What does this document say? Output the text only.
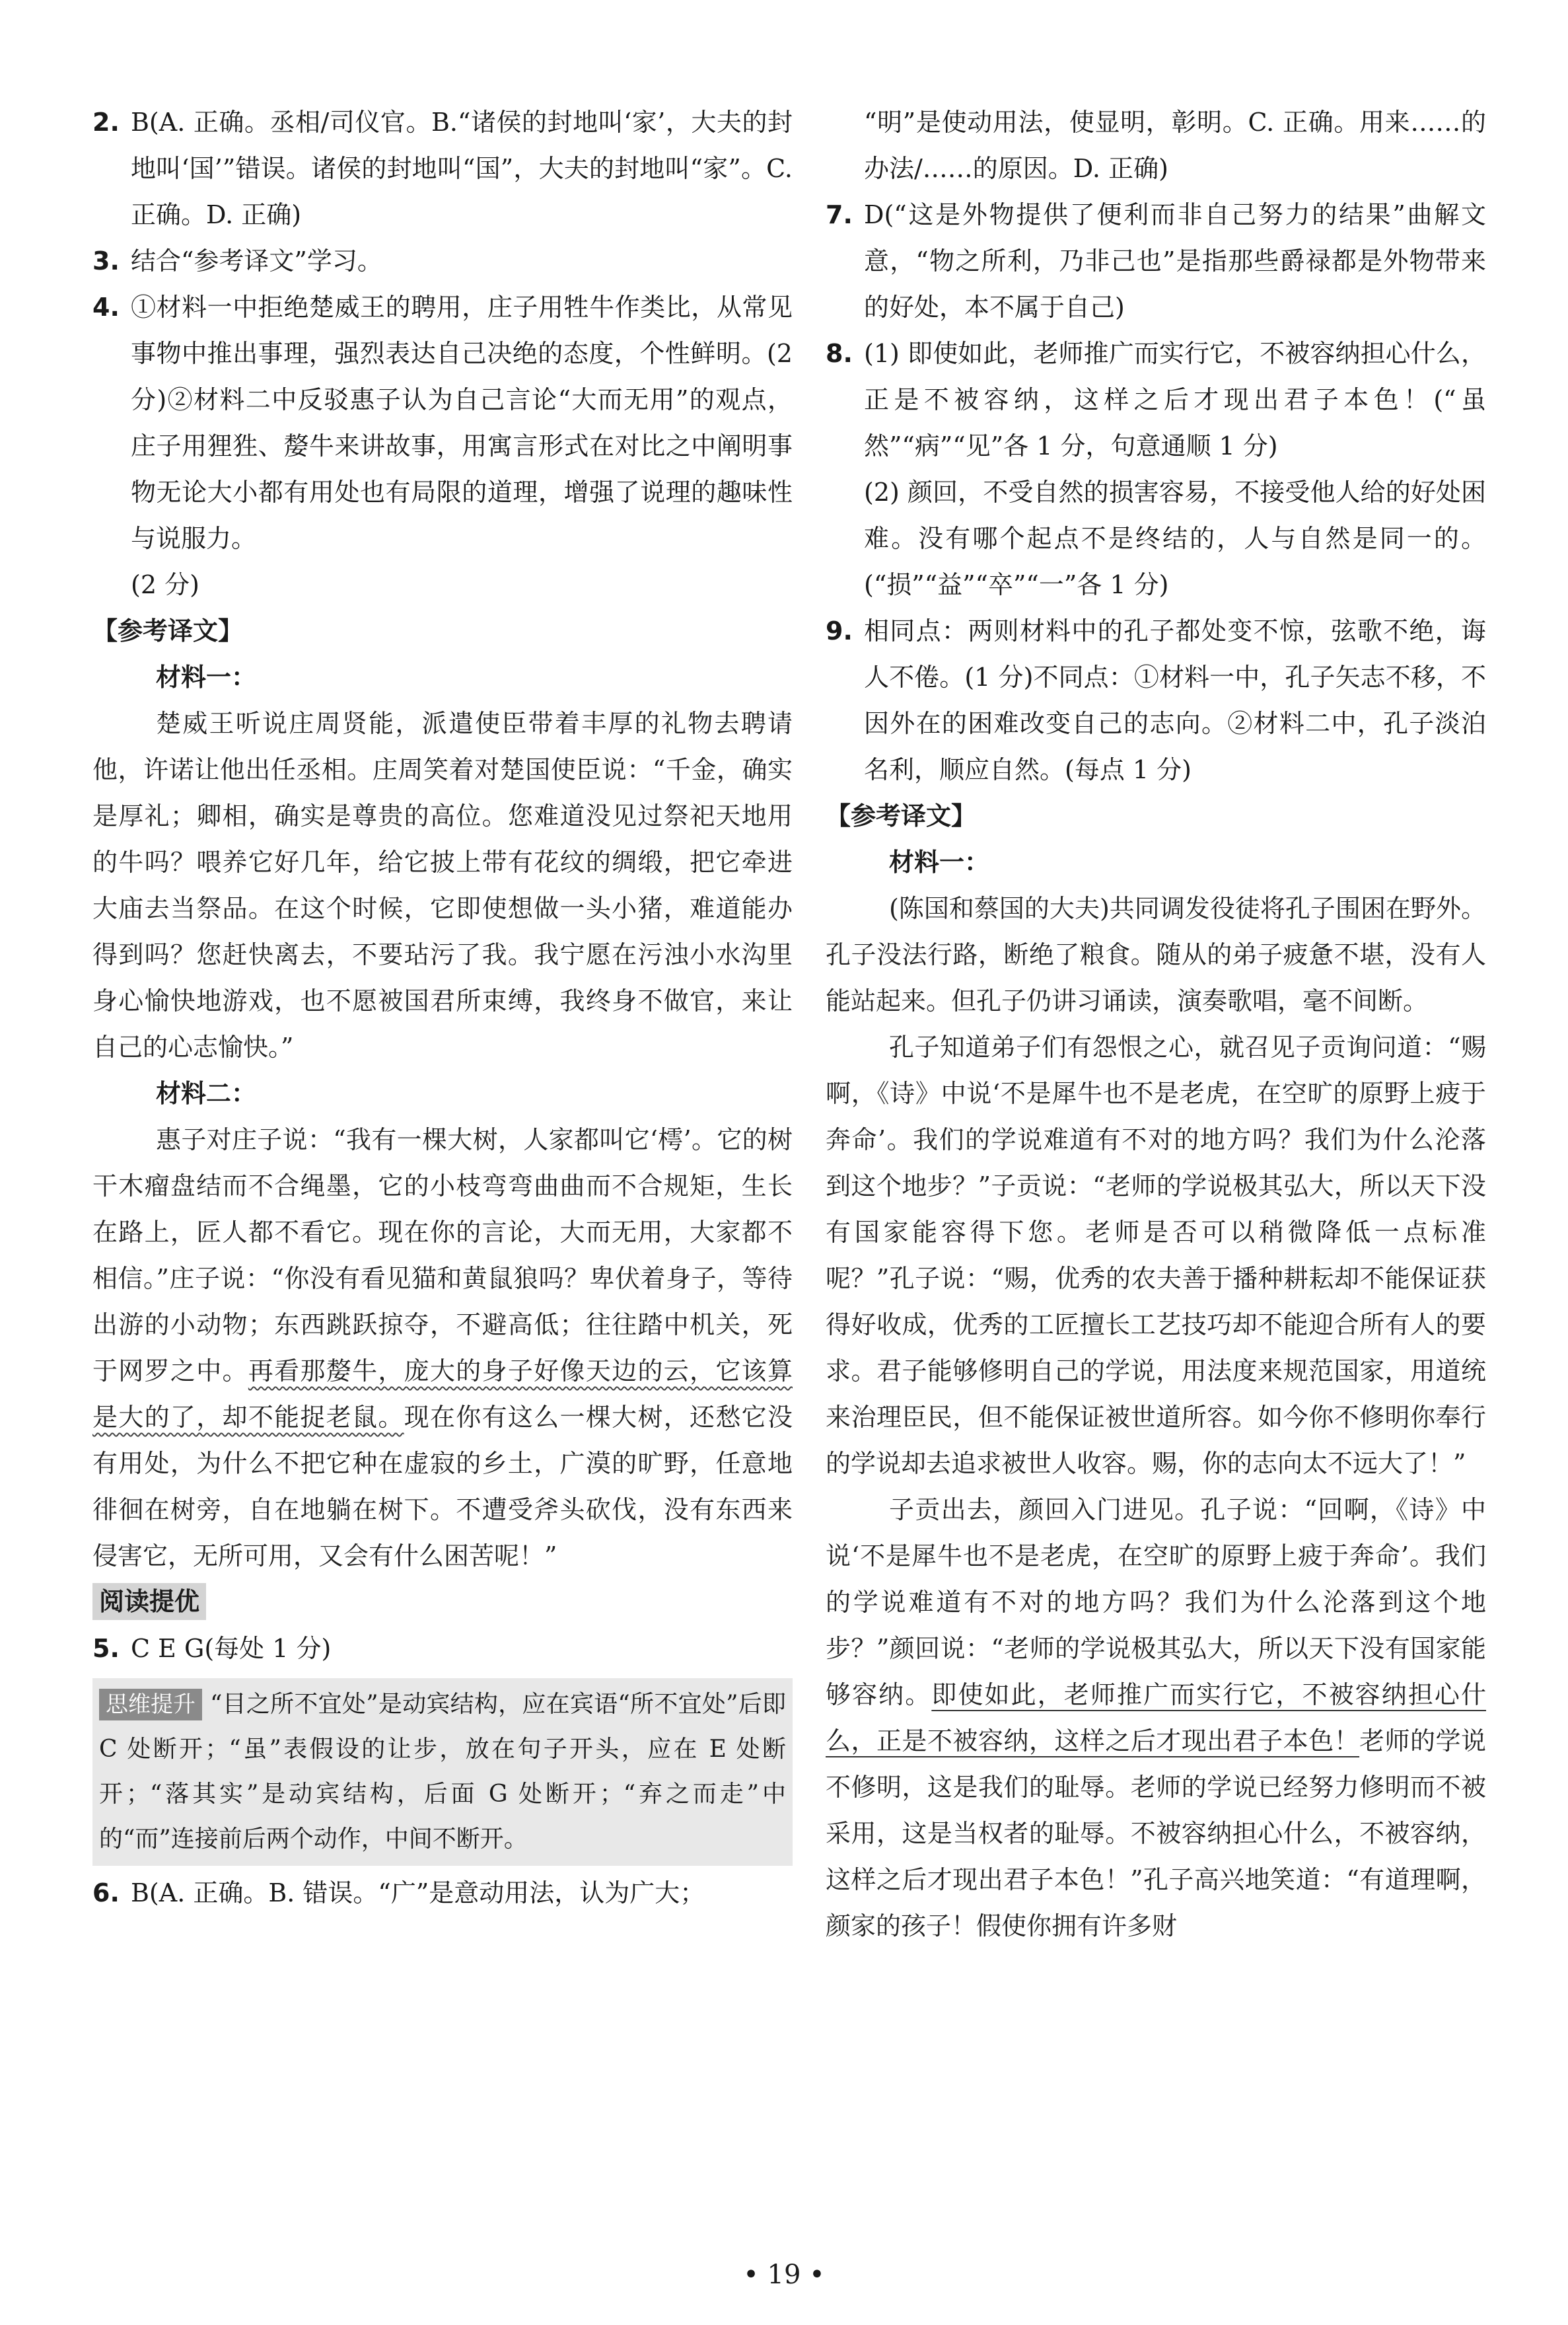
2. B(A. 正确。丞相/司仪官。B.“诸侯的封地叫‘家’，大夫的封地叫‘国’”错误。诸侯的封地叫“国”，大夫的封地叫“家”。C. 正确。D. 正确)
3. 结合“参考译文”学习。
4. ①材料一中拒绝楚威王的聘用，庄子用牲牛作类比，从常见事物中推出事理，强烈表达自己决绝的态度，个性鲜明。(2 分)②材料二中反驳惠子认为自己言论“大而无用”的观点，庄子用狸狌、嫠牛来讲故事，用寓言形式在对比之中阐明事物无论大小都有用处也有局限的道理，增强了说理的趣味性与说服力。
(2 分)

【参考译文】

材料一：

楚威王听说庄周贤能，派遣使臣带着丰厚的礼物去聘请他，许诺让他出任丞相。庄周笑着对楚国使臣说：“千金，确实是厚礼；卿相，确实是尊贵的高位。您难道没见过祭祀天地用的牛吗？喂养它好几年，给它披上带有花纹的绸缎，把它牵进大庙去当祭品。在这个时候，它即使想做一头小猪，难道能办得到吗？您赶快离去，不要玷污了我。我宁愿在污浊小水沟里身心愉快地游戏，也不愿被国君所束缚，我终身不做官，来让自己的心志愉快。”

材料二：

惠子对庄子说：“我有一棵大树，人家都叫它‘樗’。它的树干木瘤盘结而不合绳墨，它的小枝弯弯曲曲而不合规矩，生长在路上，匠人都不看它。现在你的言论，大而无用，大家都不相信。”庄子说：“你没有看见猫和黄鼠狼吗？卑伏着身子，等待出游的小动物；东西跳跃掠夺，不避高低；往往踏中机关，死于网罗之中。再看那嫠牛，庞大的身子好像天边的云，它该算是大的了，却不能捉老鼠。现在你有这么一棵大树，还愁它没有用处，为什么不把它种在虚寂的乡土，广漠的旷野，任意地徘徊在树旁，自在地躺在树下。不遭受斧头砍伐，没有东西来侵害它，无所可用，又会有什么困苦呢！”

阅读提优
5. C E G(每处 1 分)
思维提升 “目之所不宜处”是动宾结构，应在宾语“所不宜处”后即 C 处断开；“虽”表假设的让步，放在句子开头，应在 E 处断开；“落其实”是动宾结构，后面 G 处断开；“弃之而走”中的“而”连接前后两个动作，中间不断开。
6. B(A. 正确。B. 错误。“广”是意动用法，认为广大；

“明”是使动用法，使显明，彰明。C. 正确。用来……的办法/……的原因。D. 正确)

7. D(“这是外物提供了便利而非自己努力的结果”曲解文意，“物之所利，乃非己也”是指那些爵禄都是外物带来的好处，本不属于自己)
8. (1) 即使如此，老师推广而实行它，不被容纳担心什么，正是不被容纳，这样之后才现出君子本色！(“虽然”“病”“见”各 1 分，句意通顺 1 分)
(2) 颜回，不受自然的损害容易，不接受他人给的好处困难。没有哪个起点不是终结的，人与自然是同一的。(“损”“益”“卒”“一”各 1 分)
9. 相同点：两则材料中的孔子都处变不惊，弦歌不绝，诲人不倦。(1 分)不同点：①材料一中，孔子矢志不移，不因外在的困难改变自己的志向。②材料二中，孔子淡泊名利，顺应自然。(每点 1 分)

【参考译文】

材料一：

(陈国和蔡国的大夫)共同调发役徒将孔子围困在野外。孔子没法行路，断绝了粮食。随从的弟子疲惫不堪，没有人能站起来。但孔子仍讲习诵读，演奏歌唱，毫不间断。

孔子知道弟子们有怨恨之心，就召见子贡询问道：“赐啊，《诗》中说‘不是犀牛也不是老虎，在空旷的原野上疲于奔命’。我们的学说难道有不对的地方吗？我们为什么沦落到这个地步？”子贡说：“老师的学说极其弘大，所以天下没有国家能容得下您。老师是否可以稍微降低一点标准呢？”孔子说：“赐，优秀的农夫善于播种耕耘却不能保证获得好收成，优秀的工匠擅长工艺技巧却不能迎合所有人的要求。君子能够修明自己的学说，用法度来规范国家，用道统来治理臣民，但不能保证被世道所容。如今你不修明你奉行的学说却去追求被世人收容。赐，你的志向太不远大了！”

子贡出去，颜回入门进见。孔子说：“回啊，《诗》中说‘不是犀牛也不是老虎，在空旷的原野上疲于奔命’。我们的学说难道有不对的地方吗？我们为什么沦落到这个地步？”颜回说：“老师的学说极其弘大，所以天下没有国家能够容纳。即使如此，老师推广而实行它，不被容纳担心什么，正是不被容纳，这样之后才现出君子本色！老师的学说不修明，这是我们的耻辱。老师的学说已经努力修明而不被采用，这是当权者的耻辱。不被容纳担心什么，不被容纳，这样之后才现出君子本色！”孔子高兴地笑道：“有道理啊，颜家的孩子！假使你拥有许多财

• 19 •
